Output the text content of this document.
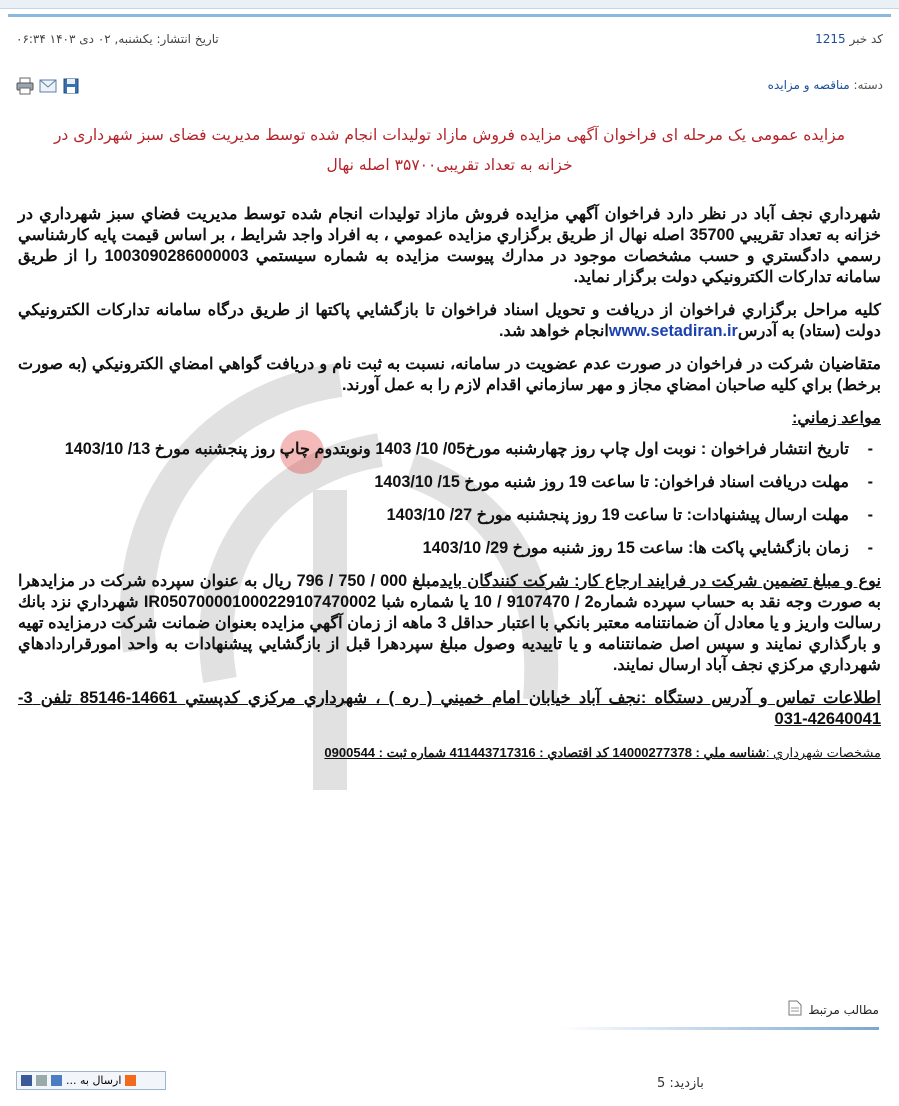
کد خبر 1215
تاریخ انتشار: یکشنبه, ۰۲ دی ۱۴۰۳ ۰۶:۳۴
دسته: مناقصه و مزایده
مزایده عمومی یک مرحله ای فراخوان آگهی مزایده فروش مازاد تولیدات انجام شده توسط مدیریت فضای سبز شهرداری در خزانه به تعداد تقریبی۳۵۷۰۰ اصله نهال

شهرداري نجف آباد در نظر دارد فراخوان آگهي مزايده فروش مازاد توليدات انجام شده توسط مديريت فضاي سبز شهرداري در خزانه به تعداد تقريبي 35700 اصله نهال از طريق برگزاري مزايده عمومي ، به افراد واجد شرايط ، بر اساس قيمت پايه كارشناسي رسمي دادگستري و حسب مشخصات موجود در مدارك پيوست مزايده به شماره سيستمي 1003090286000003 را از طريق سامانه تداركات الكترونيكي دولت برگزار نمايد.

كليه مراحل برگزاري فراخوان از دريافت و تحويل اسناد فراخوان تا بازگشايي پاكتها از طريق درگاه سامانه تداركات الكترونيكي دولت (ستاد) به آدرسwww.setadiran.irانجام خواهد شد.

متقاضيان شركت در فراخوان در صورت عدم عضويت در سامانه، نسبت به ثبت نام و دريافت گواهي امضاي الكترونيكي (به صورت برخط) براي كليه صاحبان امضاي مجاز و مهر سازماني اقدام لازم را به عمل آورند.

مواعد زماني:

- تاريخ انتشار فراخوان : نوبت اول چاپ روز چهارشنبه مورخ05/ 10/ 1403 ونوبتدوم چاپ روز پنجشنبه مورخ 13/ 1403/10
- مهلت دريافت اسناد فراخوان: تا ساعت 19 روز شنبه مورخ 15/ 1403/10
- مهلت ارسال پيشنهادات: تا ساعت 19 روز پنجشنبه مورخ 27/ 1403/10
- زمان بازگشايي پاكت ها: ساعت 15 روز شنبه مورخ 29/ 1403/10

نوع و مبلغ تضمين شركت در فرايند ارجاع كار: شركت كنندگان بايدمبلغ 000 / 750 / 796 ريال به عنوان سپرده شركت در مزايدهرا به صورت وجه نقد به حساب سپرده شماره2 / 9107470 / 10 يا شماره شبا IR050700001000229107470002 شهرداري نزد بانك رسالت واريز و يا معادل آن ضمانتنامه معتبر بانكي با اعتبار حداقل 3 ماهه از زمان آگهي مزايده بعنوان ضمانت شركت درمزايده تهيه و بارگذاري نمايند و سپس اصل ضمانتنامه و يا تاييديه وصول مبلغ سپردهرا قبل از بازگشايي پيشنهادات به واحد امورقراردادهاي شهرداري مركزي نجف آباد ارسال نمايند.

اطلاعات تماس و آدرس دستگاه :نجف آباد خيابان امام خميني ( ره ) ، شهرداري مركزي كدپستي 14661-85146 تلفن 3-42640041-031

مشخصات شهرداري :شناسه ملي : 14000277378 كد اقتصادي : 411443717316 شماره ثبت : 0900544

مطالب مرتبط
بازدید: 5
ارسال به ...
